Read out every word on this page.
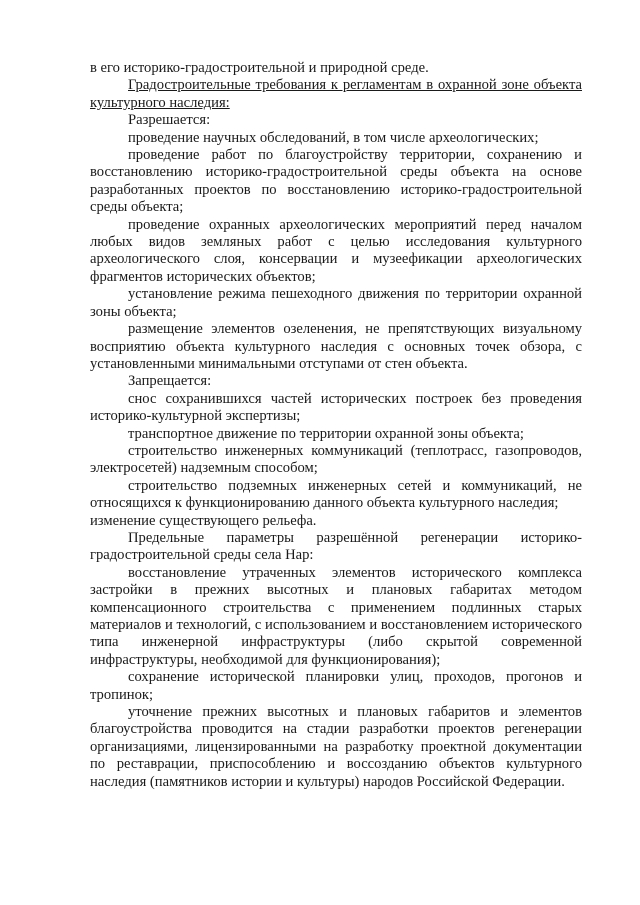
в его историко-градостроительной и природной среде.

Градостроительные требования к регламентам в охранной зоне объекта культурного наследия:

Разрешается:

проведение научных обследований, в том числе археологических;

проведение работ по благоустройству территории, сохранению и восстановлению историко-градостроительной среды объекта на основе разработанных проектов по восстановлению историко-градостроительной среды объекта;

проведение охранных археологических мероприятий перед началом любых видов земляных работ с целью исследования культурного археологического слоя, консервации и музеефикации археологических фрагментов исторических объектов;

установление режима пешеходного движения по территории охранной зоны объекта;

размещение элементов озеленения, не препятствующих визуальному восприятию объекта культурного наследия с основных точек обзора, с установленными минимальными отступами от стен объекта.

Запрещается:

снос сохранившихся частей исторических построек без проведения историко-культурной экспертизы;

транспортное движение по территории охранной зоны объекта;

строительство инженерных коммуникаций (теплотрасс, газопроводов, электросетей) надземным способом;

строительство подземных инженерных сетей и коммуникаций, не относящихся к функционированию данного объекта культурного наследия;

изменение существующего рельефа.

Предельные параметры разрешённой регенерации историко-градостроительной среды села Нар:

восстановление утраченных элементов исторического комплекса застройки в прежних высотных и плановых габаритах методом компенсационного строительства с применением подлинных старых материалов и технологий, с использованием и восстановлением исторического типа инженерной инфраструктуры (либо скрытой современной инфраструктуры, необходимой для функционирования);

сохранение исторической планировки улиц, проходов, прогонов и тропинок;

уточнение прежних высотных и плановых габаритов и элементов благоустройства проводится на стадии разработки проектов регенерации организациями, лицензированными на разработку проектной документации по реставрации, приспособлению и воссозданию объектов культурного наследия (памятников истории и культуры) народов Российской Федерации.
